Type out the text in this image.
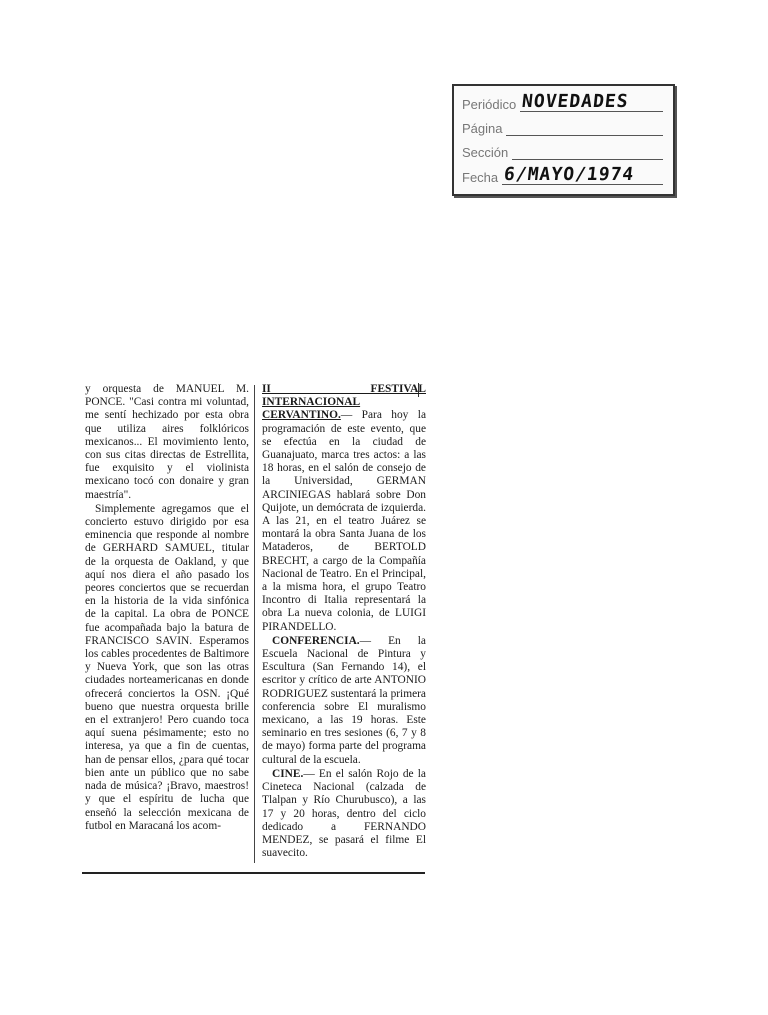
Periódico NOVEDADES
Página
Sección
Fecha 6/MAYO/1974

y orquesta de MANUEL M. PONCE. "Casi contra mi voluntad, me sentí hechizado por esta obra que utiliza aires folklóricos mexicanos... El movimiento lento, con sus citas directas de Estrellita, fue exquisito y el violinista mexicano tocó con donaire y gran maestría".

Simplemente agregamos que el concierto estuvo dirigido por esa eminencia que responde al nombre de GERHARD SAMUEL, titular de la orquesta de Oakland, y que aquí nos diera el año pasado los peores conciertos que se recuerdan en la historia de la vida sinfónica de la capital. La obra de PONCE fue acompañada bajo la batura de FRANCISCO SAVIN. Esperamos los cables procedentes de Baltimore y Nueva York, que son las otras ciudades norteamericanas en donde ofrecerá conciertos la OSN. ¡Qué bueno que nuestra orquesta brille en el extranjero! Pero cuando toca aquí suena pésimamente; esto no interesa, ya que a fin de cuentas, han de pensar ellos, ¿para qué tocar bien ante un público que no sabe nada de música? ¡Bravo, maestros! y que el espíritu de lucha que enseñó la selección mexicana de futbol en Maracaná los acom-

II FESTIVAL INTERNACIONAL CERVANTINO.— Para hoy la programación de este evento, que se efectúa en la ciudad de Guanajuato, marca tres actos: a las 18 horas, en el salón de consejo de la Universidad, GERMAN ARCINIEGAS hablará sobre Don Quijote, un demócrata de izquierda. A las 21, en el teatro Juárez se montará la obra Santa Juana de los Mataderos, de BERTOLD BRECHT, a cargo de la Compañía Nacional de Teatro. En el Principal, a la misma hora, el grupo Teatro Incontro di Italia representará la obra La nueva colonia, de LUIGI PIRANDELLO.

CONFERENCIA.— En la Escuela Nacional de Pintura y Escultura (San Fernando 14), el escritor y crítico de arte ANTONIO RODRIGUEZ sustentará la primera conferencia sobre El muralismo mexicano, a las 19 horas. Este seminario en tres sesiones (6, 7 y 8 de mayo) forma parte del programa cultural de la escuela.

CINE.— En el salón Rojo de la Cineteca Nacional (calzada de Tlalpan y Río Churubusco), a las 17 y 20 horas, dentro del ciclo dedicado a FERNANDO MENDEZ, se pasará el filme El suavecito.
